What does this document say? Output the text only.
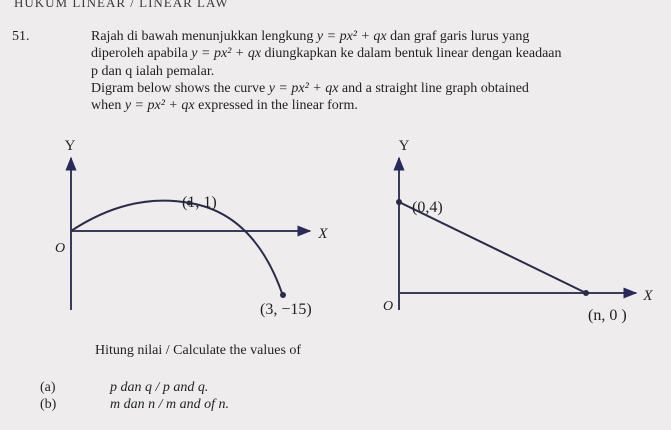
HUKUM LINEAR / LINEAR LAW
51.	Rajah di bawah menunjukkan lengkung y = px² + qx dan graf garis lurus yang
diperoleh apabila y = px² + qx diungkapkan ke dalam bentuk linear dengan keadaan
p dan q ialah pemalar.
Digram below shows the curve y = px² + qx and a straight line graph obtained
when y = px² + qx expressed in the linear form.
Y
X
O
(1, 1)
(3, −15)
Y
X
O
(0,4)
(n, 0 )
Hitung nilai / Calculate the values of
(a)	p dan q / p and q.
(b)	m dan n / m and of n.
